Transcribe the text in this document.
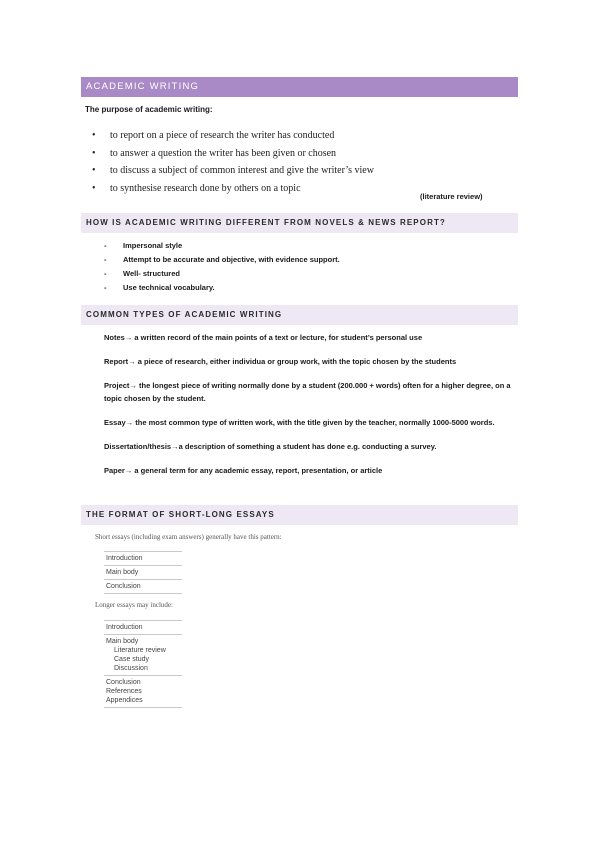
ACADEMIC WRITING
The purpose of academic writing:
• to report on a piece of research the writer has conducted
• to answer a question the writer has been given or chosen
• to discuss a subject of common interest and give the writer’s view
• to synthesise research done by others on a topic
(literature review)
HOW IS ACADEMIC WRITING DIFFERENT FROM NOVELS & NEWS REPORT?
- Impersonal style
- Attempt to be accurate and objective, with evidence support.
- Well- structured
- Use technical vocabulary.
COMMON TYPES OF ACADEMIC WRITING

Notes→ a written record of the main points of a text or lecture, for student’s personal use

Report→ a piece of research, either individua or group work, with the topic chosen by the students

Project→ the longest piece of writing normally done by a student (200.000 + words) often for a higher degree, on a topic chosen by the student.

Essay→ the most common type of written work, with the title given by the teacher, normally 1000-5000 words.

Dissertation/thesis→a description of something a student has done e.g. conducting a survey.

Paper→ a general term for any academic essay, report, presentation, or article

THE FORMAT OF SHORT-LONG ESSAYS
Short essays (including exam answers) generally have this pattern:
Introduction
Main body
Conclusion
Longer essays may include:
Introduction
Main body
Literature review
Case study
Discussion
Conclusion
References
Appendices
